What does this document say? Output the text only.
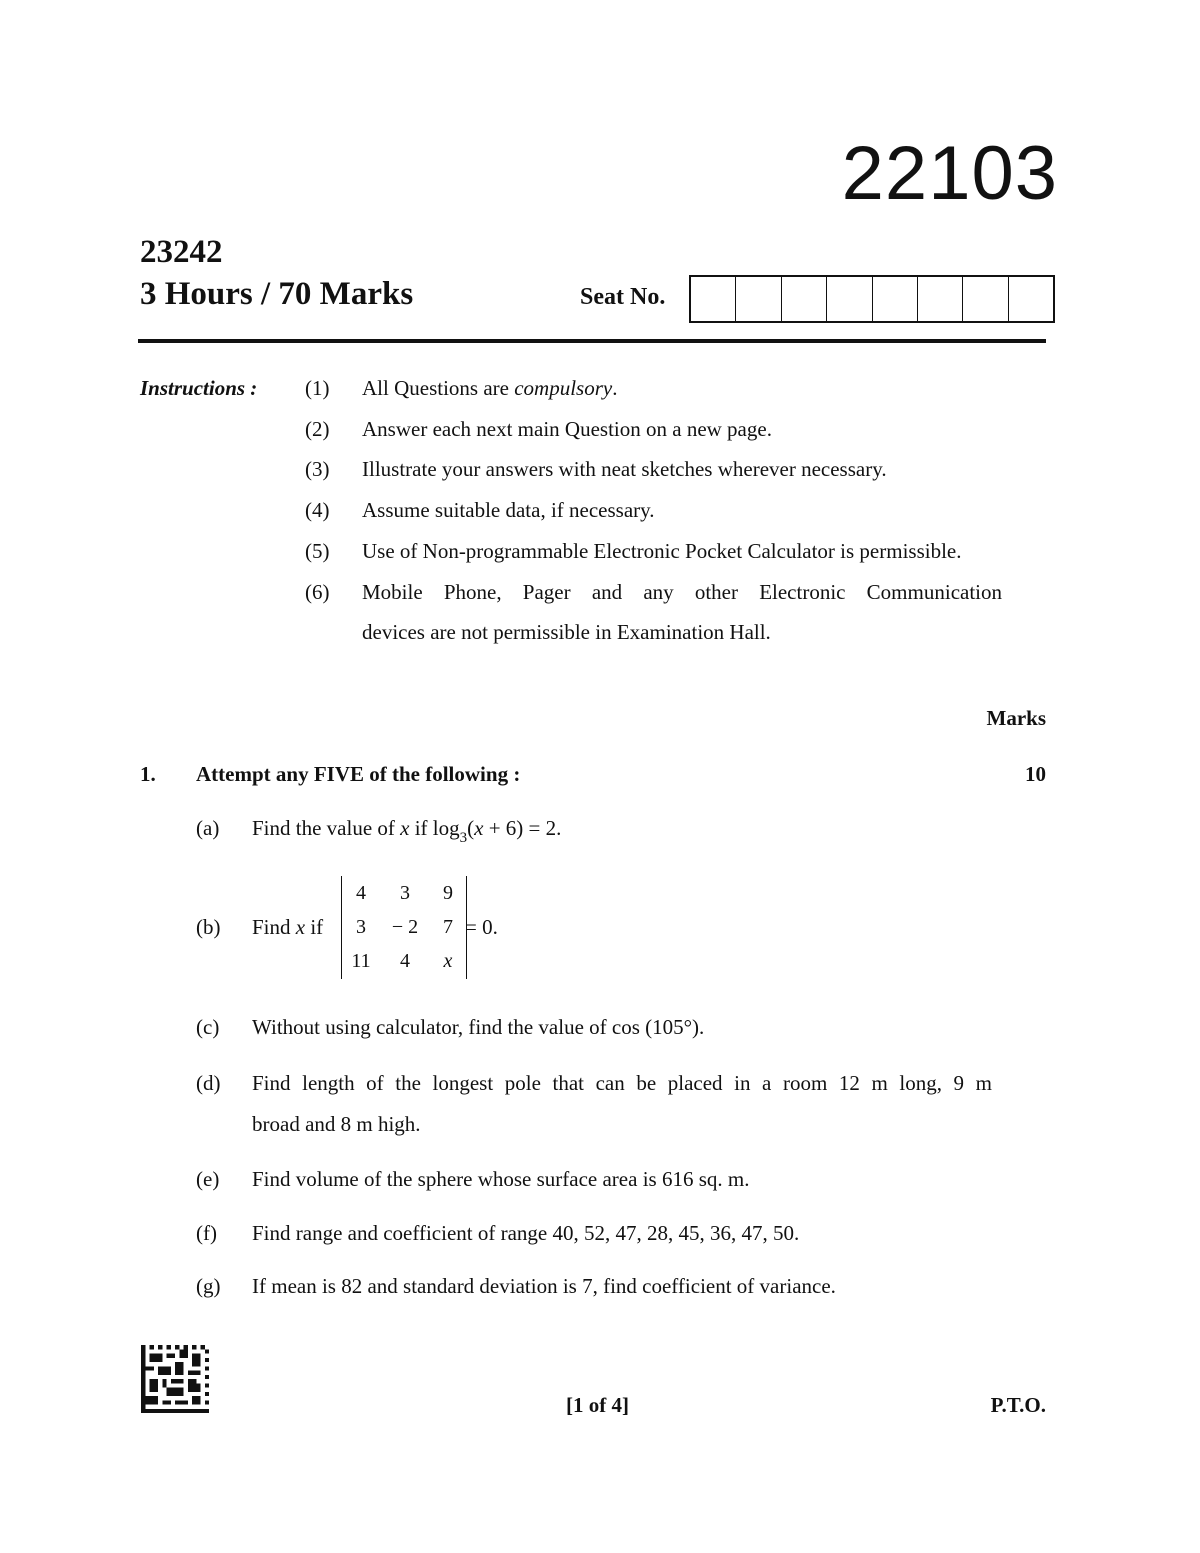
22103
23242
3 Hours / 70 Marks	Seat No.
Instructions : (1) All Questions are compulsory.
(2) Answer each next main Question on a new page.
(3) Illustrate your answers with neat sketches wherever necessary.
(4) Assume suitable data, if necessary.
(5) Use of Non-programmable Electronic Pocket Calculator is permissible.
(6) Mobile Phone, Pager and any other Electronic Communication
devices are not permissible in Examination Hall.
Marks
1. Attempt any FIVE of the following :	10
(a) Find the value of x if $\log_3(x + 6) = 2$.
(b) Find x if
4	3	9
3	− 2	7
11	4	x
= 0.
(c) Without using calculator, find the value of cos (105°).
(d) Find length of the longest pole that can be placed in a room 12 m long, 9 m
broad and 8 m high.
(e) Find volume of the sphere whose surface area is 616 sq. m.
(f) Find range and coefficient of range 40, 52, 47, 28, 45, 36, 47, 50.
(g) If mean is 82 and standard deviation is 7, find coefficient of variance.
[1 of 4]	P.T.O.
